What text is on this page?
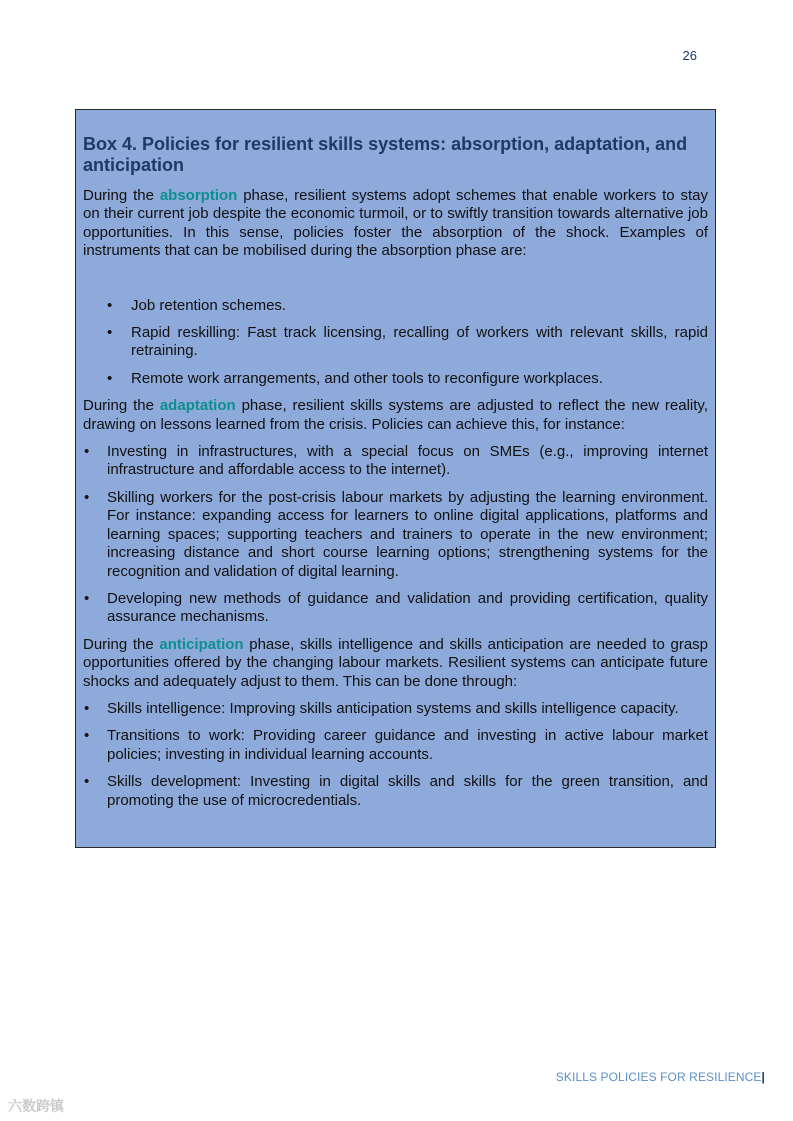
26
Box 4. Policies for resilient skills systems: absorption, adaptation, and anticipation

During the absorption phase, resilient systems adopt schemes that enable workers to stay on their current job despite the economic turmoil, or to swiftly transition towards alternative job opportunities. In this sense, policies foster the absorption of the shock. Examples of instruments that can be mobilised during the absorption phase are:

• Job retention schemes.
• Rapid reskilling: Fast track licensing, recalling of workers with relevant skills, rapid retraining.
• Remote work arrangements, and other tools to reconfigure workplaces.

During the adaptation phase, resilient skills systems are adjusted to reflect the new reality, drawing on lessons learned from the crisis. Policies can achieve this, for instance:

• Investing in infrastructures, with a special focus on SMEs (e.g., improving internet infrastructure and affordable access to the internet).
• Skilling workers for the post-crisis labour markets by adjusting the learning environment. For instance: expanding access for learners to online digital applications, platforms and learning spaces; supporting teachers and trainers to operate in the new environment; increasing distance and short course learning options; strengthening systems for the recognition and validation of digital learning.
• Developing new methods of guidance and validation and providing certification, quality assurance mechanisms.

During the anticipation phase, skills intelligence and skills anticipation are needed to grasp opportunities offered by the changing labour markets. Resilient systems can anticipate future shocks and adequately adjust to them. This can be done through:

• Skills intelligence: Improving skills anticipation systems and skills intelligence capacity.
• Transitions to work: Providing career guidance and investing in active labour market policies; investing in individual learning accounts.
• Skills development: Investing in digital skills and skills for the green transition, and promoting the use of microcredentials.
SKILLS POLICIES FOR RESILIENCE|
六数跨镇
